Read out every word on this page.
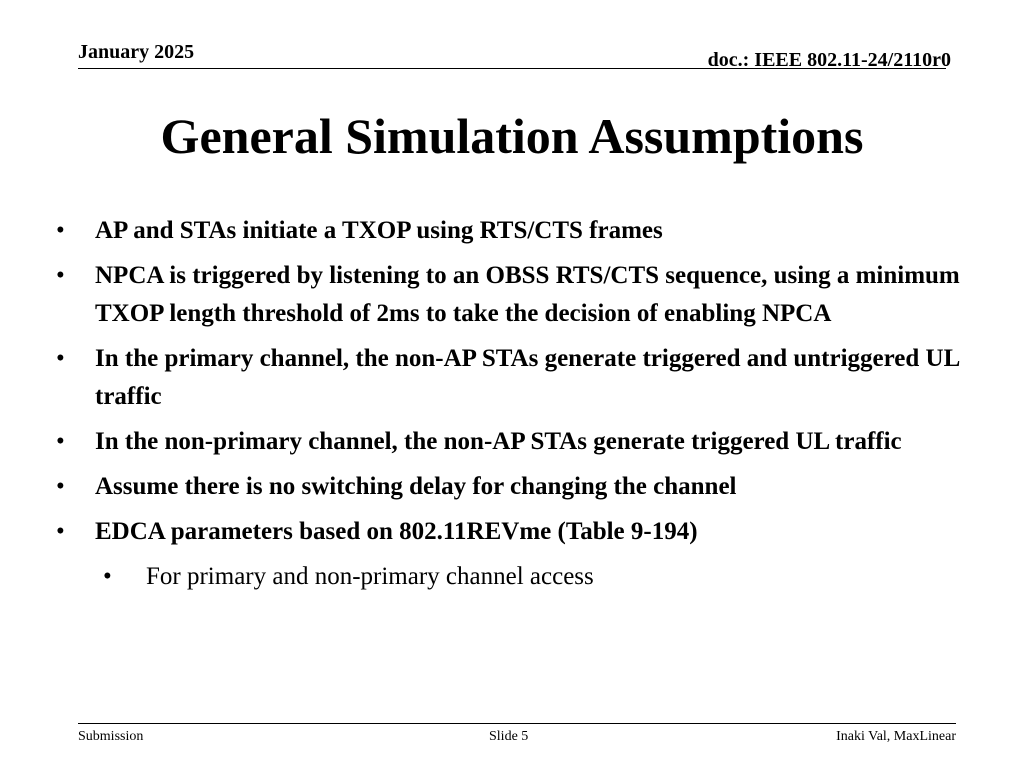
January 2025	doc.: IEEE 802.11-24/2110r0
General Simulation Assumptions
• AP and STAs initiate a TXOP using RTS/CTS frames
• NPCA is triggered by listening to an OBSS RTS/CTS sequence, using a minimum TXOP length threshold of 2ms to take the decision of enabling NPCA
• In the primary channel, the non-AP STAs generate triggered and untriggered UL traffic
• In the non-primary channel, the non-AP STAs generate triggered UL traffic
• Assume there is no switching delay for changing the channel
• EDCA parameters based on 802.11REVme (Table 9-194)
• For primary and non-primary channel access
Submission	Slide 5	Inaki Val, MaxLinear
